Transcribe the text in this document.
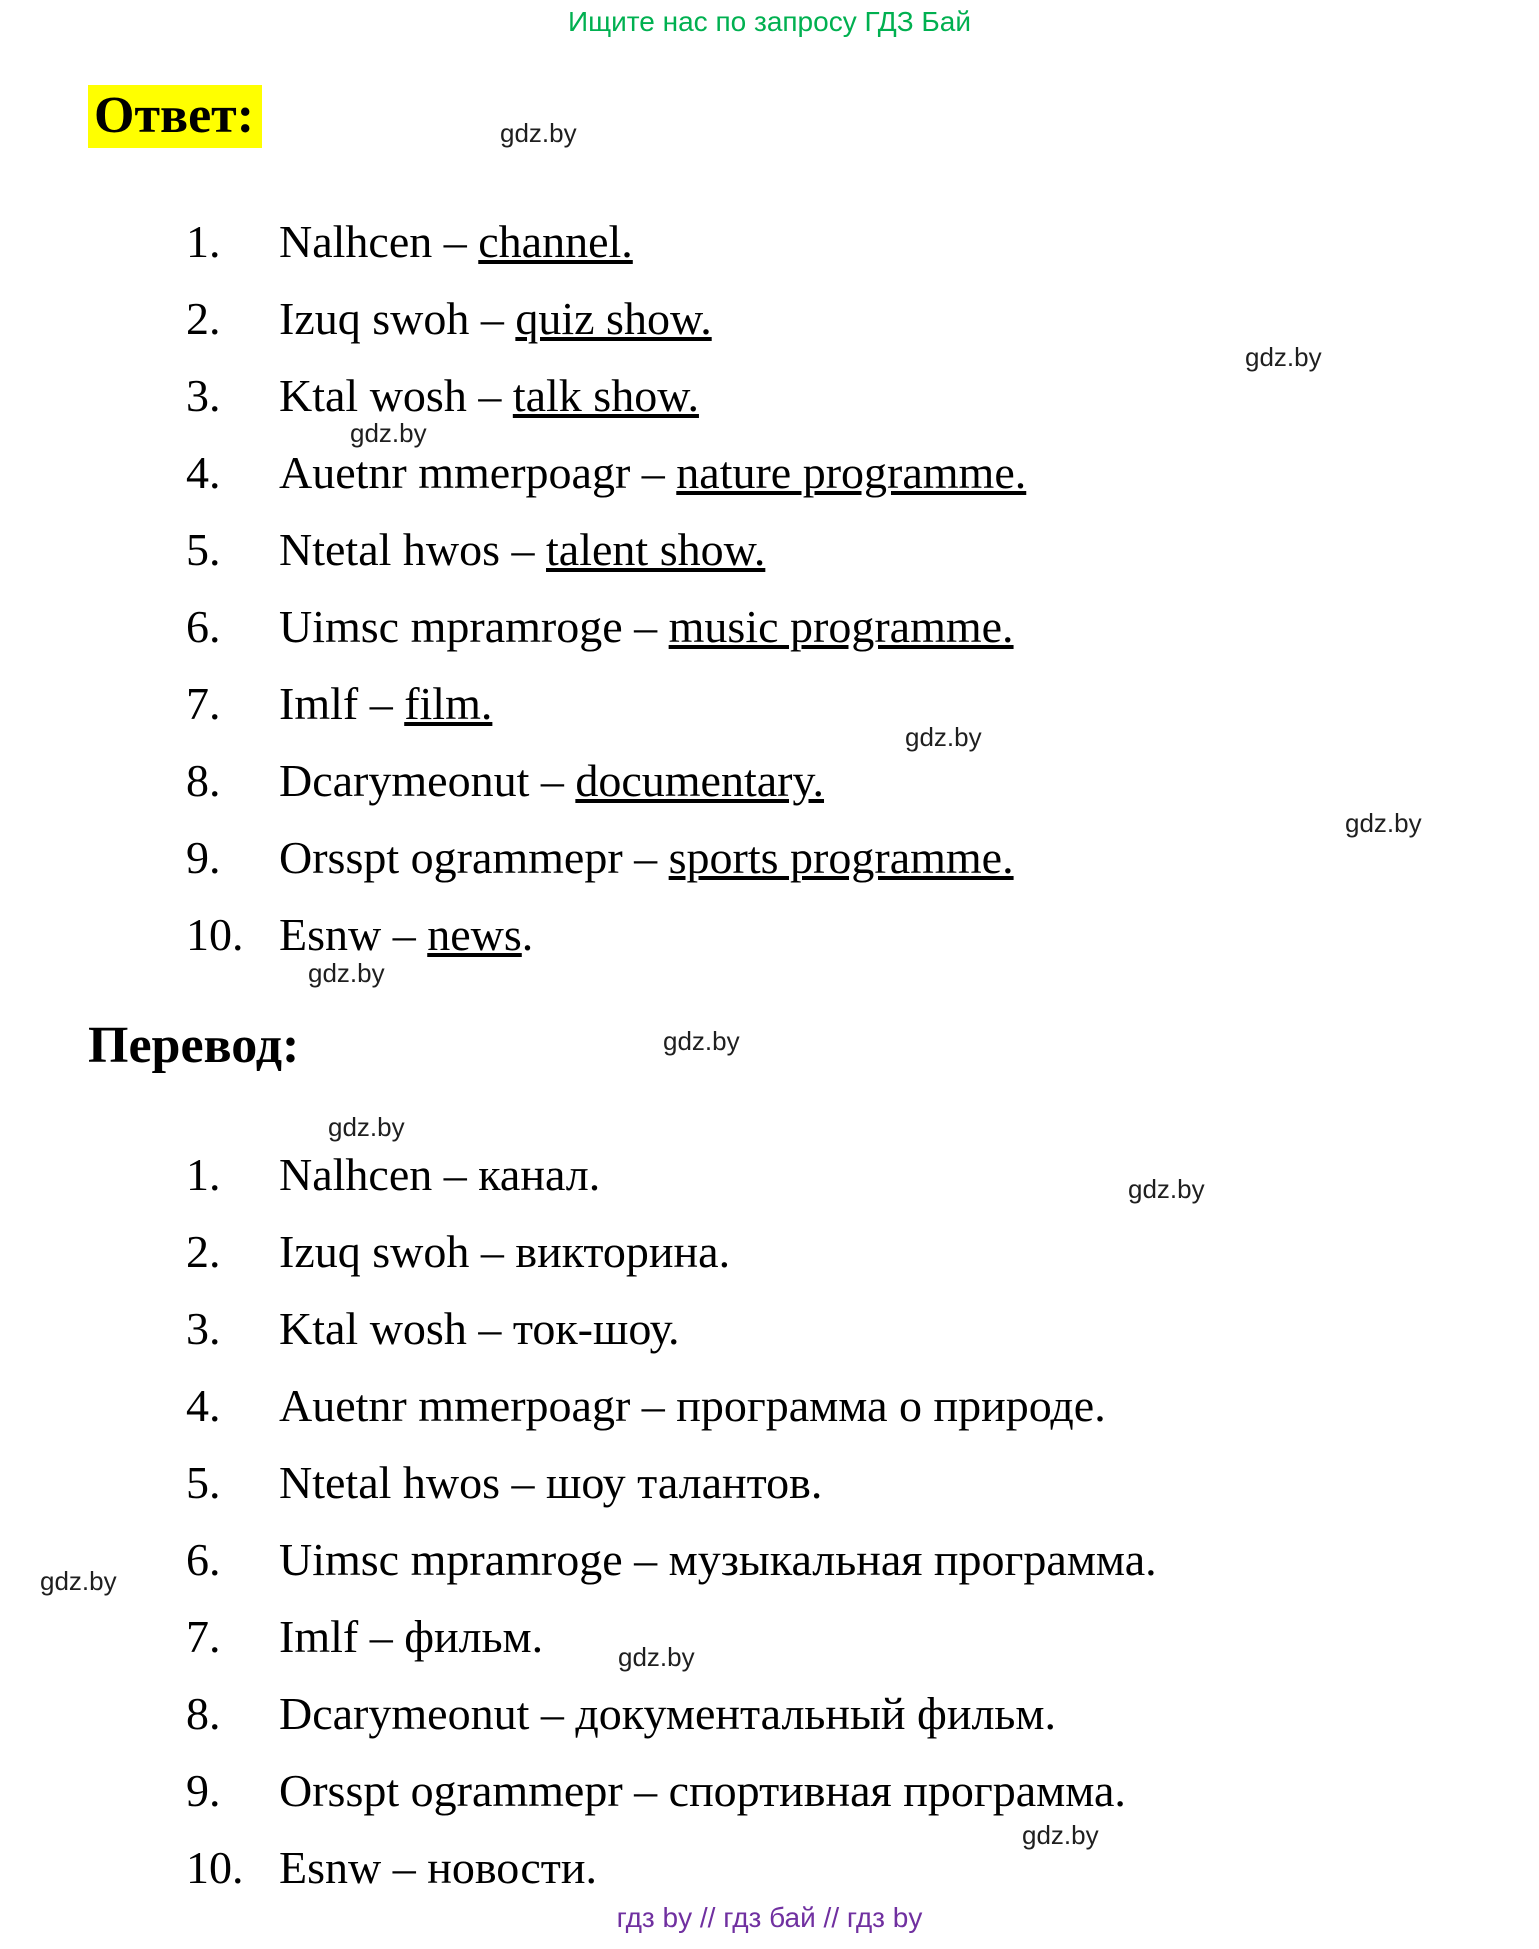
Ищите нас по запросу ГДЗ Бай
Ответ:
1. Nalhcen – channel.
2. Izuq swoh – quiz show.
3. Ktal wosh – talk show.
4. Auetnr mmerpoagr – nature programme.
5. Ntetal hwos – talent show.
6. Uimsc mpramroge – music programme.
7. Imlf – film.
8. Dcarymeonut – documentary.
9. Orsspt ogrammepr – sports programme.
10. Esnw – news.
Перевод:
1. Nalhcen – канал.
2. Izuq swoh – викторина.
3. Ktal wosh – ток-шоу.
4. Auetnr mmerpoagr – программа о природе.
5. Ntetal hwos – шоу талантов.
6. Uimsc mpramroge – музыкальная программа.
7. Imlf – фильм.
8. Dcarymeonut – документальный фильм.
9. Orsspt ogrammepr – спортивная программа.
10. Esnw – новости.
gdz.by
gdz.by
gdz.by
gdz.by
gdz.by
gdz.by
gdz.by
gdz.by
gdz.by
gdz.by
gdz.by
gdz.by
гдз by // гдз бай // гдз by
